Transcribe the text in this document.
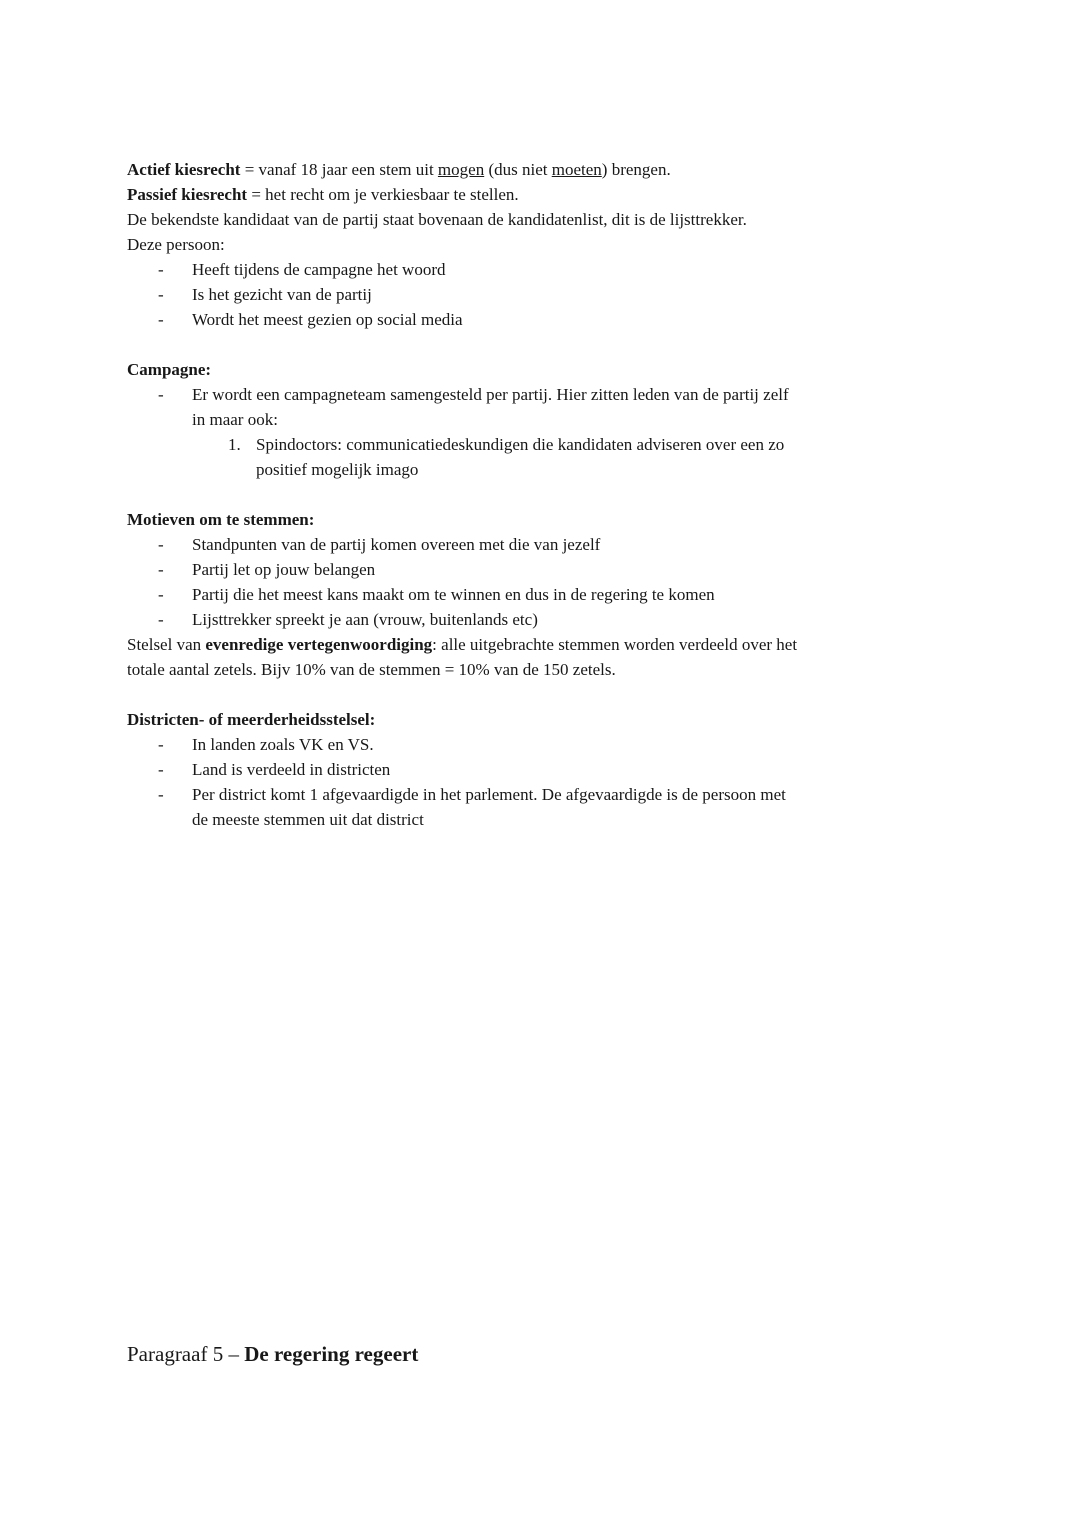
Actief kiesrecht = vanaf 18 jaar een stem uit mogen (dus niet moeten) brengen.
Passief kiesrecht = het recht om je verkiesbaar te stellen.
De bekendste kandidaat van de partij staat bovenaan de kandidatenlist, dit is de lijsttrekker.
Deze persoon:
- Heeft tijdens de campagne het woord
- Is het gezicht van de partij
- Wordt het meest gezien op social media
Campagne:
- Er wordt een campagneteam samengesteld per partij. Hier zitten leden van de partij zelf
in maar ook:
1. Spindoctors: communicatiedeskundigen die kandidaten adviseren over een zo
positief mogelijk imago
Motieven om te stemmen:
- Standpunten van de partij komen overeen met die van jezelf
- Partij let op jouw belangen
- Partij die het meest kans maakt om te winnen en dus in de regering te komen
- Lijsttrekker spreekt je aan (vrouw, buitenlands etc)
Stelsel van evenredige vertegenwoordiging: alle uitgebrachte stemmen worden verdeeld over het
totale aantal zetels. Bijv 10% van de stemmen = 10% van de 150 zetels.
Districten- of meerderheidsstelsel:
- In landen zoals VK en VS.
- Land is verdeeld in districten
- Per district komt 1 afgevaardigde in het parlement. De afgevaardigde is de persoon met
de meeste stemmen uit dat district
Paragraaf 5 – De regering regeert
